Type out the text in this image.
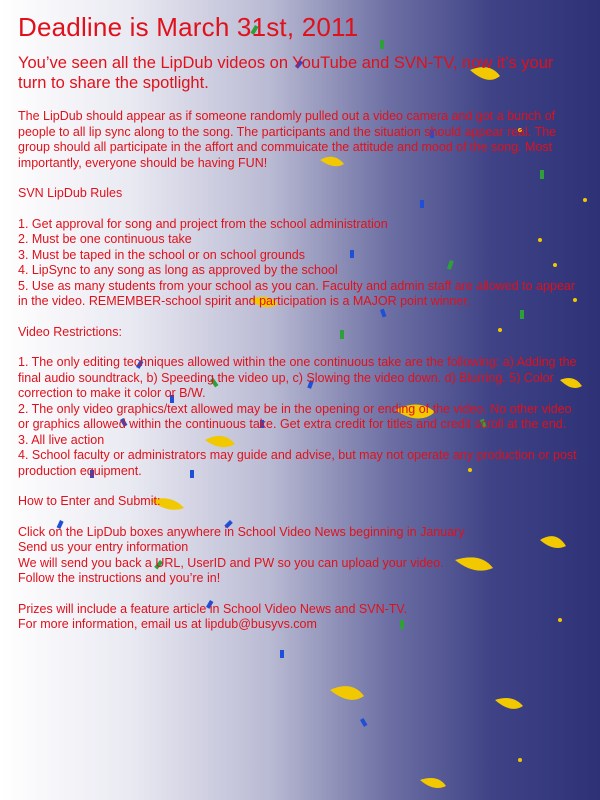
Deadline is March 31st, 2011
You’ve seen all the LipDub videos on YouTube and SVN-TV, now it’s your turn to share the spotlight.

The LipDub should appear as if someone randomly pulled out a video camera and got a bunch of people to all lip sync along to the song. The participants and the situation should appear real. The group should all participate in the affort and commuicate the attitude and mood of the song. Most importantly, everyone should be having FUN!

SVN LipDub Rules

1. Get approval for song and project from the school administration
2. Must be one continuous take
3. Must be taped in the school or on school grounds
4. LipSync to any song as long as approved by the school
5. Use as many students from your school as you can. Faculty and admin staff are allowed to appear in the video. REMEMBER-school spirit and participation is a MAJOR point winner.

Video Restrictions:

1. The only editing techniques allowed within the one continuous take are the following: a) Adding the final audio soundtrack, b) Speeding the video up, c) Slowing the video down. d) Blurring. 5) Color correction to make it color or B/W.
2. The only video graphics/text allowed may be in the opening or ending of the video. No other video or graphics allowed within the continuous take. Get extra credit for titles and credit scroll at the end.
3. All live action
4. School faculty or administrators may guide and advise, but may not operate any production or post production equipment.

How to Enter and Submit:

Click on the LipDub boxes anywhere in School Video News beginning in January
Send us your entry information
We will send you back a URL, UserID and PW so you can upload your video.
Follow the instructions and you’re in!

Prizes will include a feature article in School Video News and SVN-TV.

For more information, email us at lipdub@busyvs.com
